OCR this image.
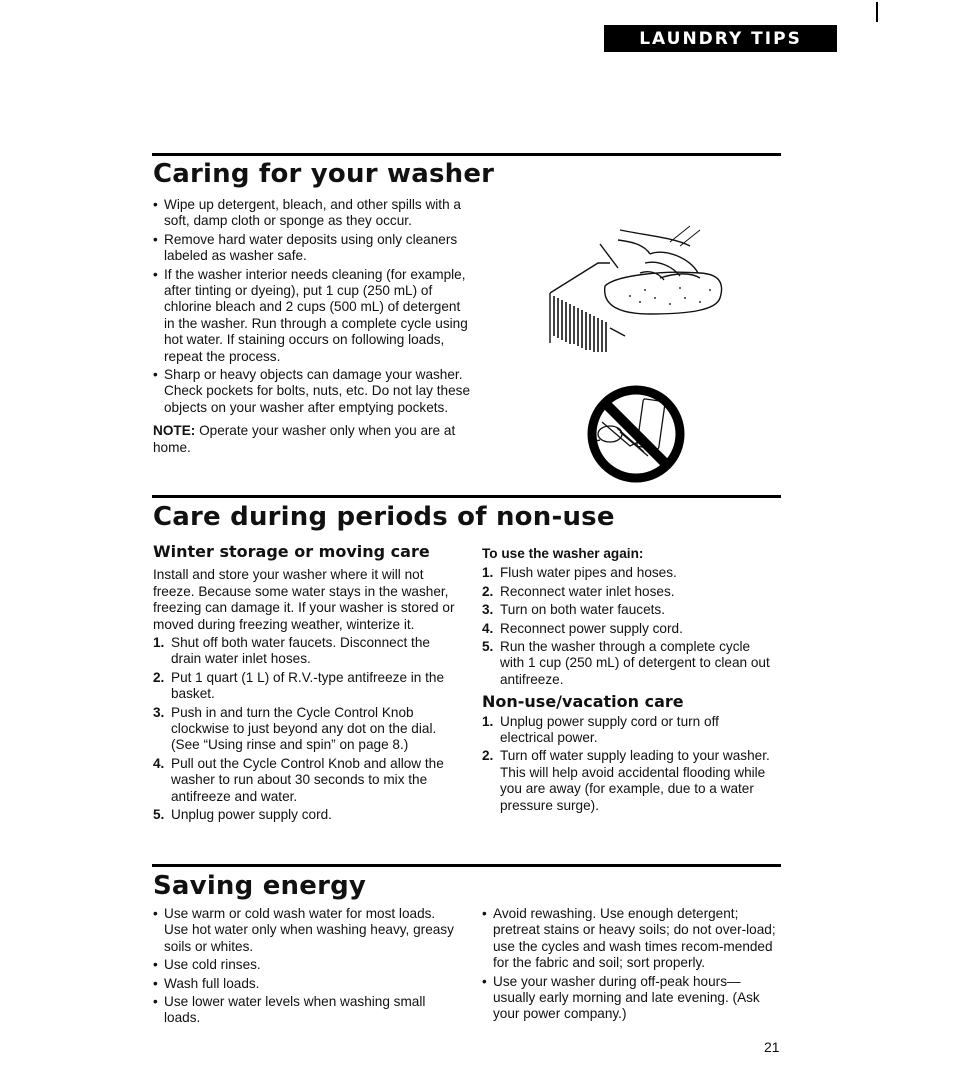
LAUNDRY TIPS
Caring for your washer
• Wipe up detergent, bleach, and other spills with a soft, damp cloth or sponge as they occur.
• Remove hard water deposits using only cleaners labeled as washer safe.
• If the washer interior needs cleaning (for example, after tinting or dyeing), put 1 cup (250 mL) of chlorine bleach and 2 cups (500 mL) of detergent in the washer. Run through a complete cycle using hot water. If staining occurs on following loads, repeat the process.
• Sharp or heavy objects can damage your washer. Check pockets for bolts, nuts, etc. Do not lay these objects on your washer after emptying pockets.
NOTE: Operate your washer only when you are at home.
Care during periods of non-use
Winter storage or moving care
Install and store your washer where it will not freeze. Because some water stays in the washer, freezing can damage it. If your washer is stored or moved during freezing weather, winterize it.
1. Shut off both water faucets. Disconnect the drain water inlet hoses.
2. Put 1 quart (1 L) of R.V.-type antifreeze in the basket.
3. Push in and turn the Cycle Control Knob clockwise to just beyond any dot on the dial. (See “Using rinse and spin” on page 8.)
4. Pull out the Cycle Control Knob and allow the washer to run about 30 seconds to mix the antifreeze and water.
5. Unplug power supply cord.
To use the washer again:
1. Flush water pipes and hoses.
2. Reconnect water inlet hoses.
3. Turn on both water faucets.
4. Reconnect power supply cord.
5. Run the washer through a complete cycle with 1 cup (250 mL) of detergent to clean out antifreeze.
Non-use/vacation care
1. Unplug power supply cord or turn off electrical power.
2. Turn off water supply leading to your washer. This will help avoid accidental flooding while you are away (for example, due to a water pressure surge).
Saving energy
• Use warm or cold wash water for most loads. Use hot water only when washing heavy, greasy soils or whites.
• Use cold rinses.
• Wash full loads.
• Use lower water levels when washing small loads.
• Avoid rewashing. Use enough detergent; pretreat stains or heavy soils; do not over-load; use the cycles and wash times recom-mended for the fabric and soil; sort properly.
• Use your washer during off-peak hours—usually early morning and late evening. (Ask your power company.)
21
